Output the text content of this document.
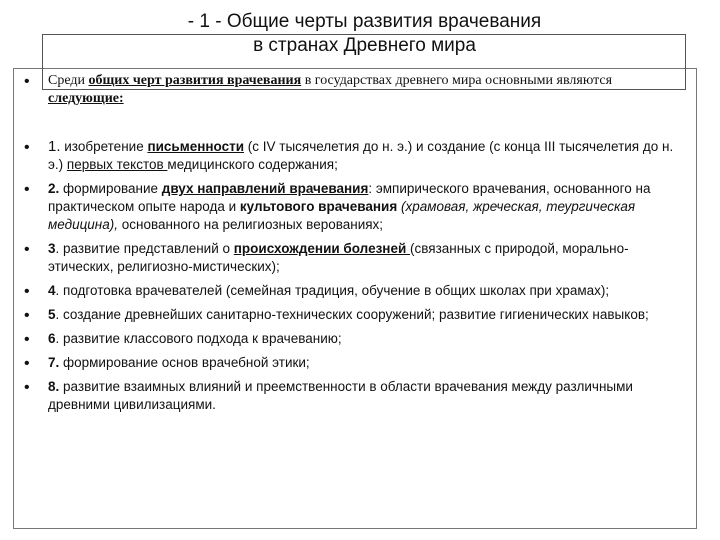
- 1 - Общие черты развития врачевания
в странах Древнего мира
• Среди общих черт развития врачевания в государствах древнего мира основными являются следующие:
• 1. изобретение письменности (с IV тысячелетия до н. э.) и создание (с конца III тысячелетия до н. э.) первых текстов медицинского содержания;
• 2. формирование двух направлений врачевания: эмпирического врачевания, основанного на практическом опыте народа и культового врачевания (храмовая, жреческая, теургическая медицина), основанного на религиозных верованиях;
• 3. развитие представлений о происхождении болезней (связанных с природой, морально-этических, религиозно-мистических);
• 4. подготовка врачевателей (семейная традиция, обучение в общих школах при храмах);
• 5. создание древнейших санитарно-технических сооружений; развитие гигиенических навыков;
• 6. развитие классового подхода к врачеванию;
• 7. формирование основ врачебной этики;
• 8. развитие взаимных влияний и преемственности в области врачевания между различными древними цивилизациями.
